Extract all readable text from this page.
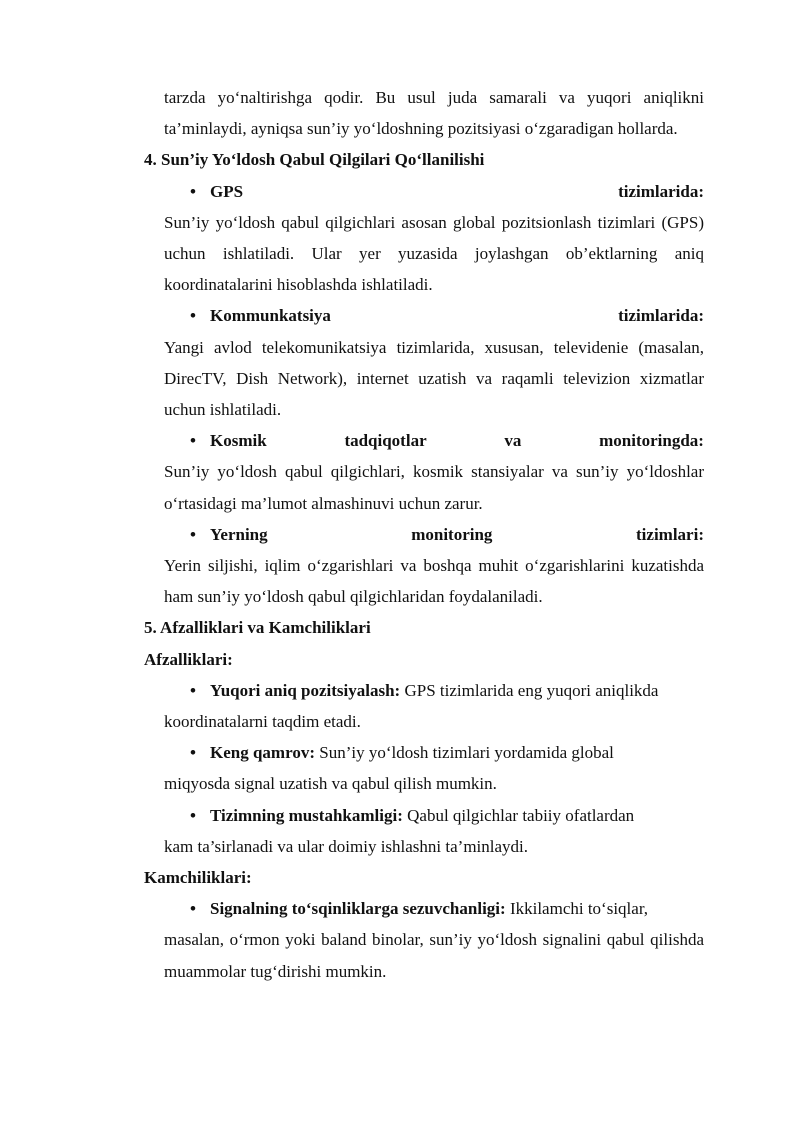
tarzda yo‘naltirishga qodir. Bu usul juda samarali va yuqori aniqlikni ta’minlaydi, ayniqsa sun’iy yo‘ldoshning pozitsiyasi o‘zgaradigan hollarda.

4. Sun’iy Yo‘ldosh Qabul Qilgilari Qo‘llanilishi

• GPS	tizimlarida:

Sun’iy yo‘ldosh qabul qilgichlari asosan global pozitsionlash tizimlari (GPS) uchun ishlatiladi. Ular yer yuzasida joylashgan ob’ektlarning aniq koordinatalarini hisoblashda ishlatiladi.

• Kommunkatsiya	tizimlarida:

Yangi avlod telekomunikatsiya tizimlarida, xususan, televidenie (masalan, DirecTV, Dish Network), internet uzatish va raqamli televizion xizmatlar uchun ishlatiladi.

• Kosmik	tadqiqotlar	va	monitoringda:

Sun’iy yo‘ldosh qabul qilgichlari, kosmik stansiyalar va sun’iy yo‘ldoshlar o‘rtasidagi ma’lumot almashinuvi uchun zarur.

• Yerning	monitoring	tizimlari:

Yerin siljishi, iqlim o‘zgarishlari va boshqa muhit o‘zgarishlarini kuzatishda ham sun’iy yo‘ldosh qabul qilgichlaridan foydalaniladi.

5. Afzalliklari va Kamchiliklari

Afzalliklari:

• Yuqori aniq pozitsiyalash: GPS tizimlarida eng yuqori aniqlikda

koordinatalarni taqdim etadi.

• Keng qamrov: Sun’iy yo‘ldosh tizimlari yordamida global

miqyosda signal uzatish va qabul qilish mumkin.

• Tizimning mustahkamligi: Qabul qilgichlar tabiiy ofatlardan

kam ta’sirlanadi va ular doimiy ishlashni ta’minlaydi.

Kamchiliklari:

• Signalning to‘sqinliklarga sezuvchanligi: Ikkilamchi to‘siqlar,

masalan, o‘rmon yoki baland binolar, sun’iy yo‘ldosh signalini qabul qilishda muammolar tug‘dirishi mumkin.
